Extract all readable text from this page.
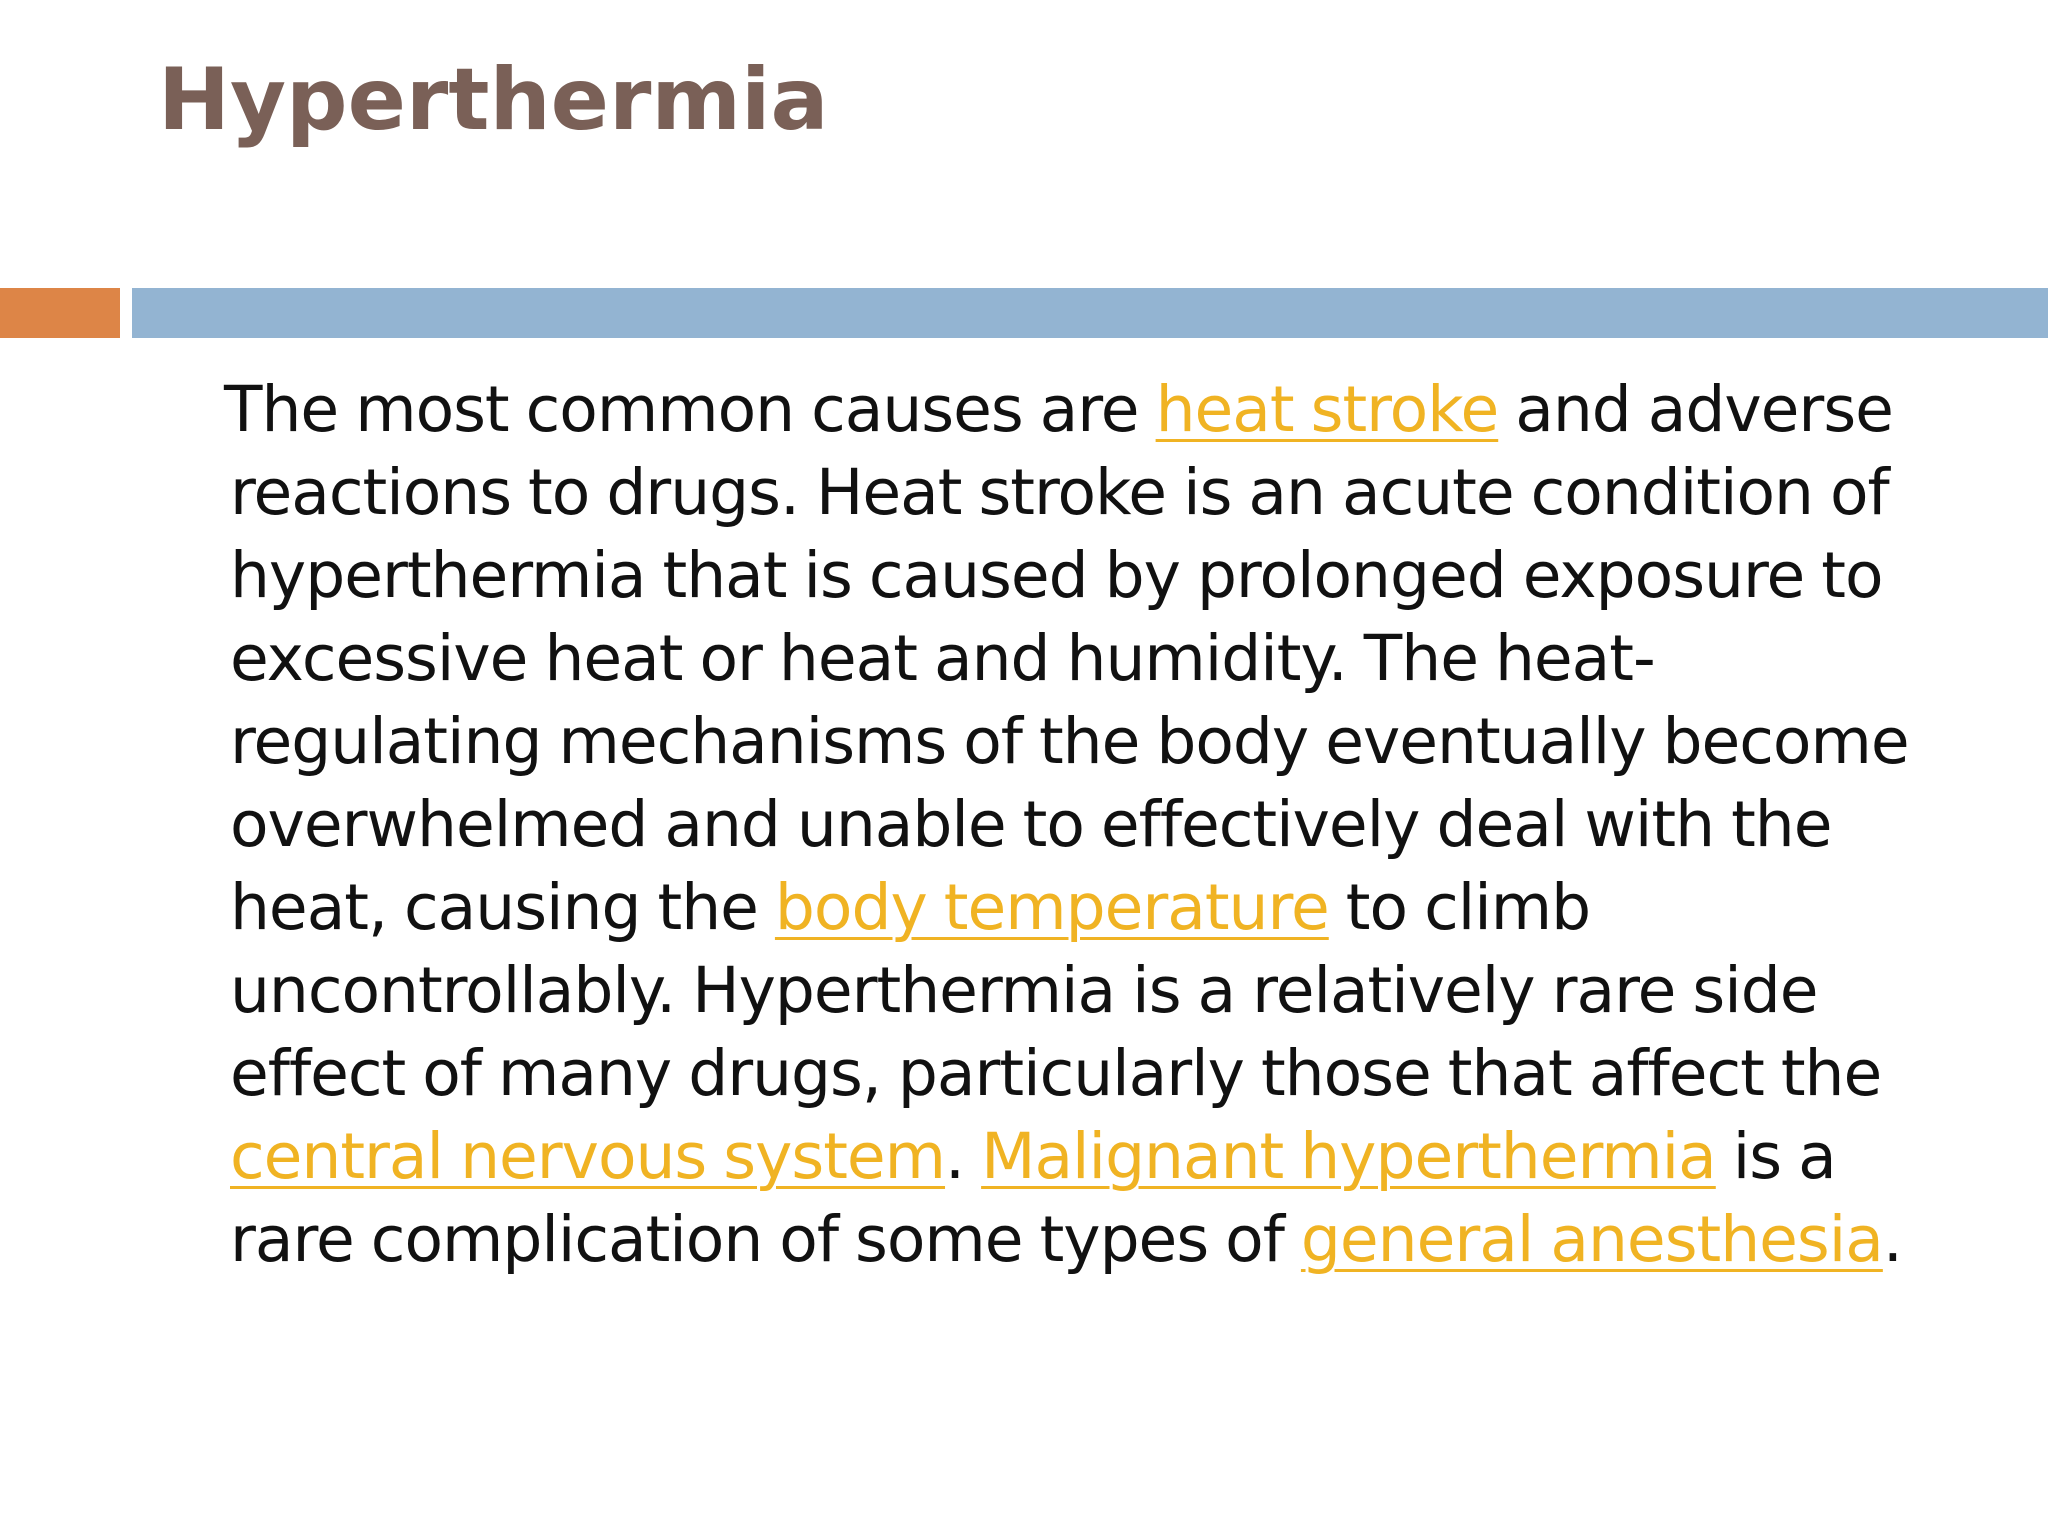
Hyperthermia

The most common causes are heat stroke and adverse
reactions to drugs. Heat stroke is an acute condition of
hyperthermia that is caused by prolonged exposure to
excessive heat or heat and humidity. The heat-
regulating mechanisms of the body eventually become
overwhelmed and unable to effectively deal with the
heat, causing the body temperature to climb
uncontrollably. Hyperthermia is a relatively rare side
effect of many drugs, particularly those that affect the
central nervous system. Malignant hyperthermia is a
rare complication of some types of general anesthesia.
